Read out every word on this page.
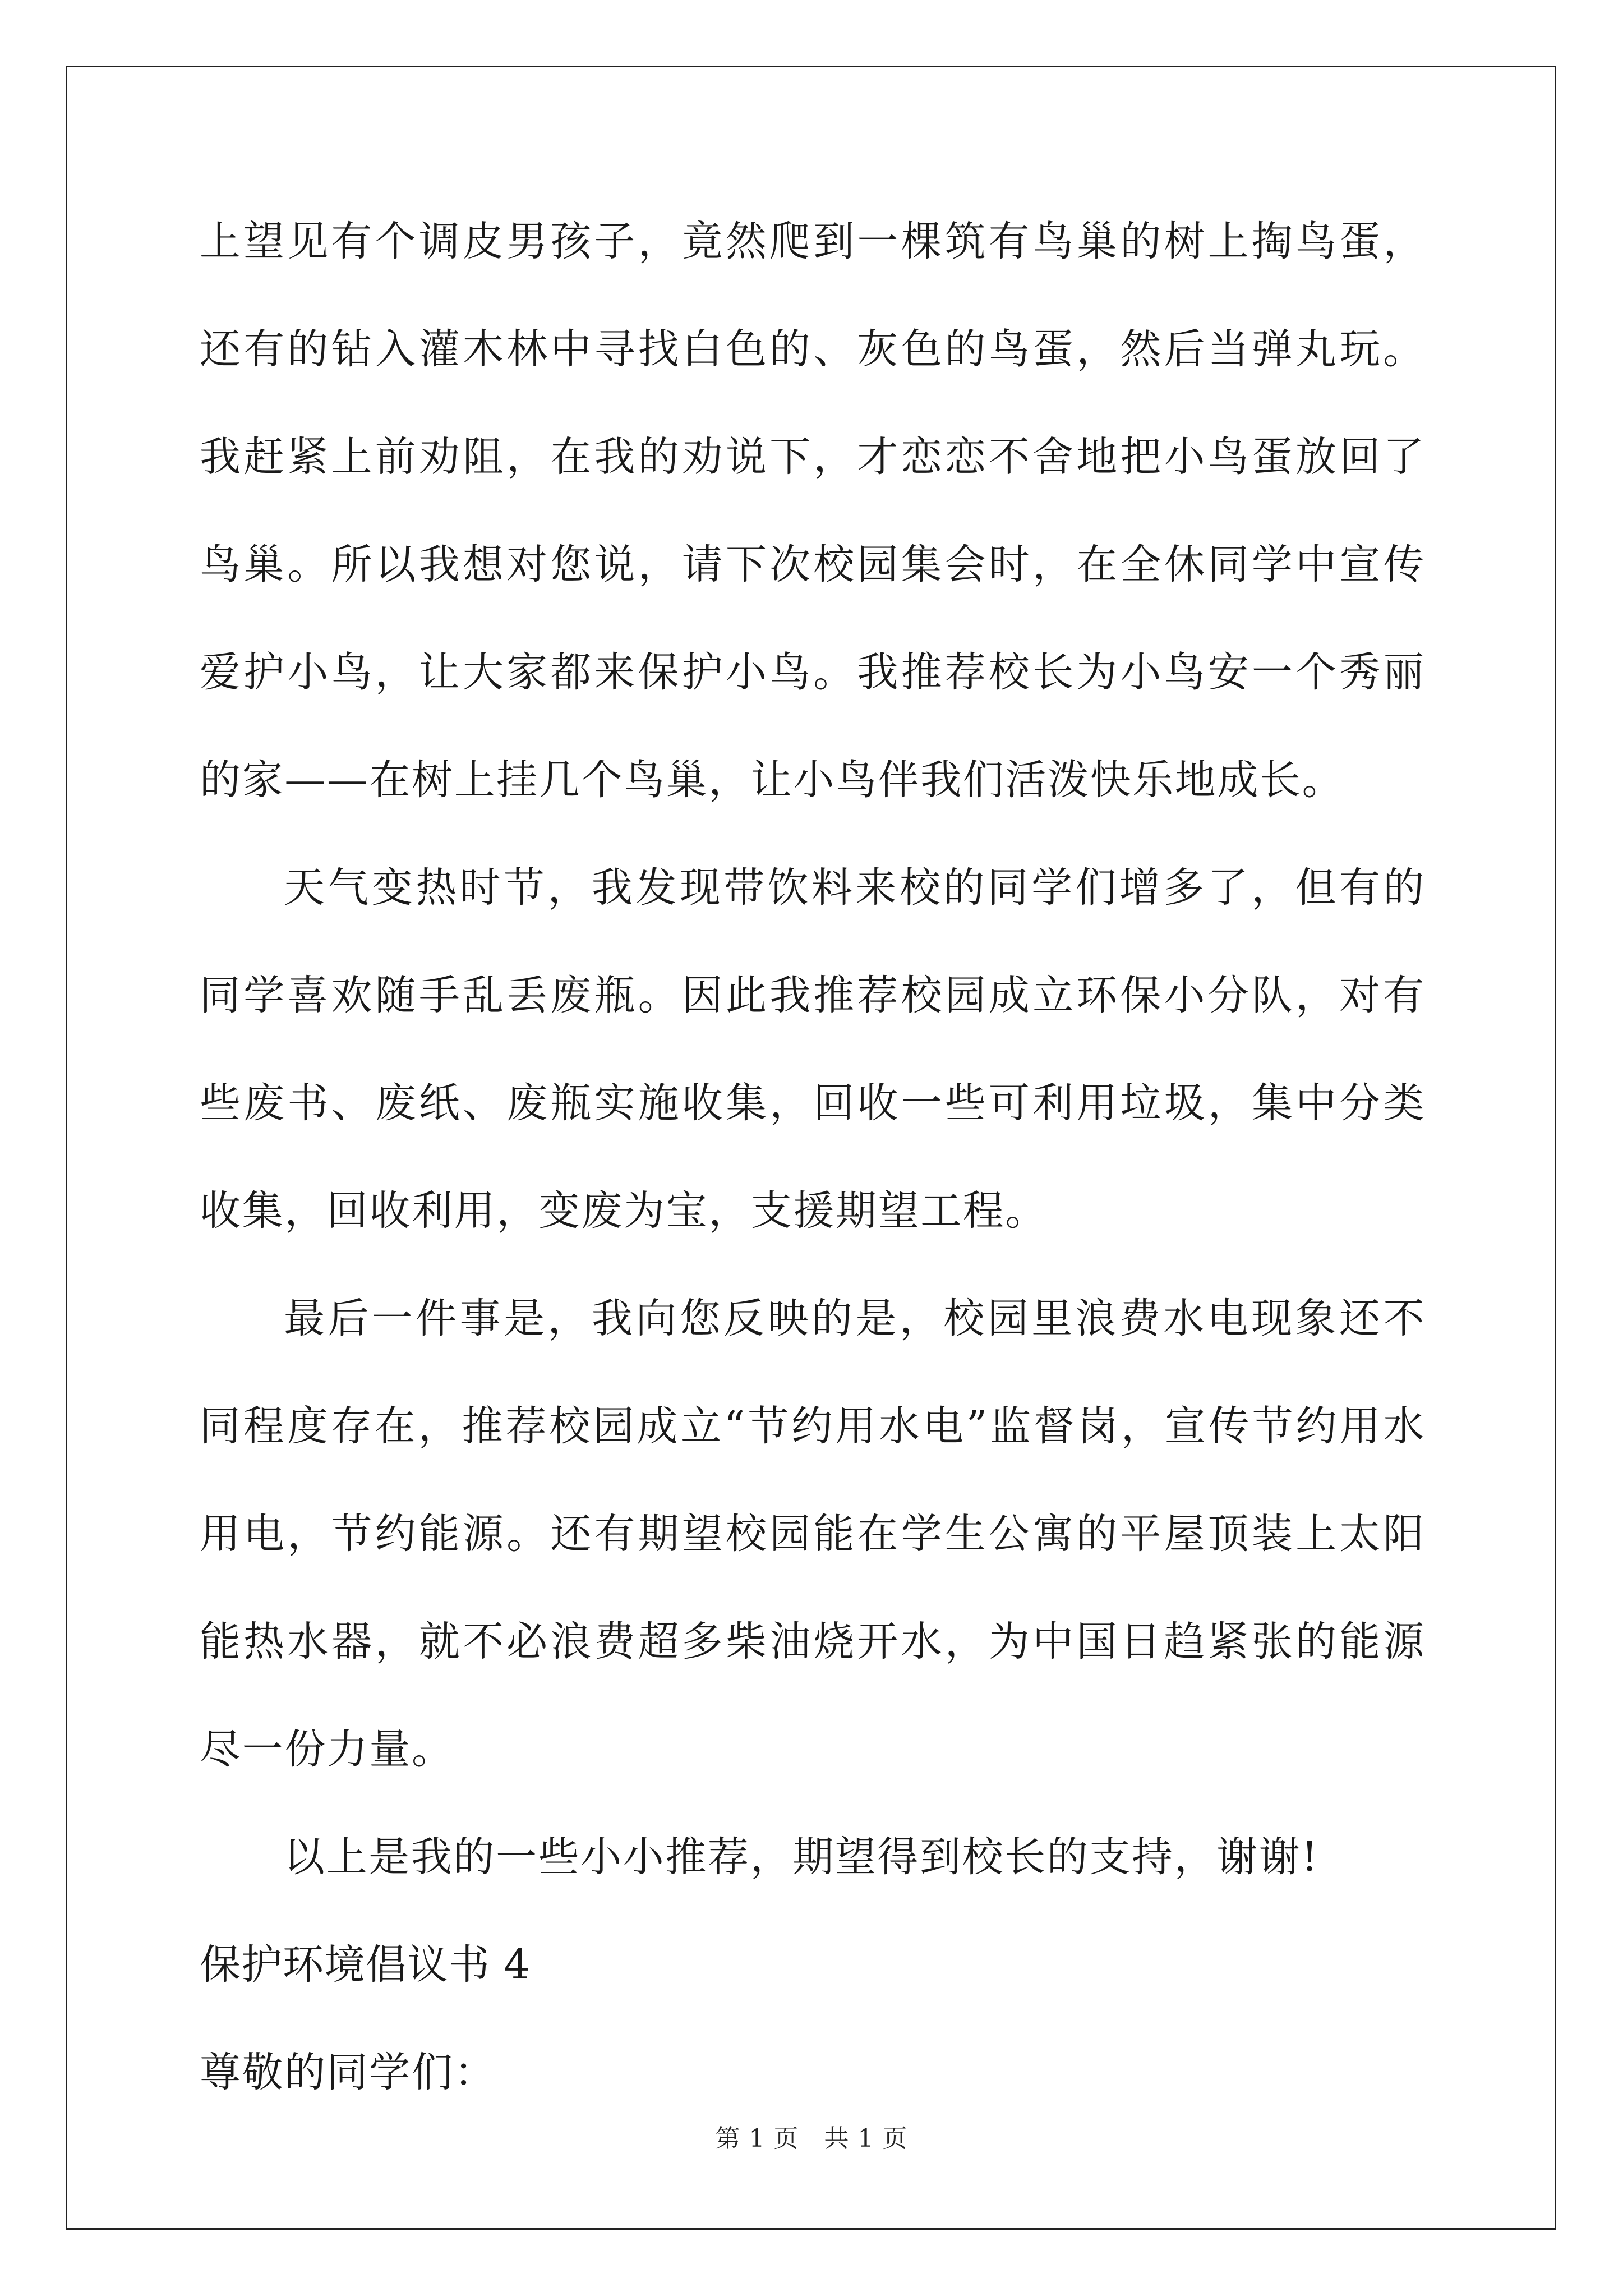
上望见有个调皮男孩子，竟然爬到一棵筑有鸟巢的树上掏鸟蛋，还有的钻入灌木林中寻找白色的、灰色的鸟蛋，然后当弹丸玩。我赶紧上前劝阻，在我的劝说下，才恋恋不舍地把小鸟蛋放回了鸟巢。所以我想对您说，请下次校园集会时，在全休同学中宣传爱护小鸟，让大家都来保护小鸟。我推荐校长为小鸟安一个秀丽的家——在树上挂几个鸟巢，让小鸟伴我们活泼快乐地成长。

天气变热时节，我发现带饮料来校的同学们增多了，但有的同学喜欢随手乱丢废瓶。因此我推荐校园成立环保小分队，对有些废书、废纸、废瓶实施收集，回收一些可利用垃圾，集中分类收集，回收利用，变废为宝，支援期望工程。

最后一件事是，我向您反映的是，校园里浪费水电现象还不同程度存在，推荐校园成立“节约用水电”监督岗，宣传节约用水用电，节约能源。还有期望校园能在学生公寓的平屋顶装上太阳能热水器，就不必浪费超多柴油烧开水，为中国日趋紧张的能源尽一份力量。

以上是我的一些小小推荐，期望得到校长的支持，谢谢!

保护环境倡议书 4

尊敬的同学们：

第 1 页　共 1 页
